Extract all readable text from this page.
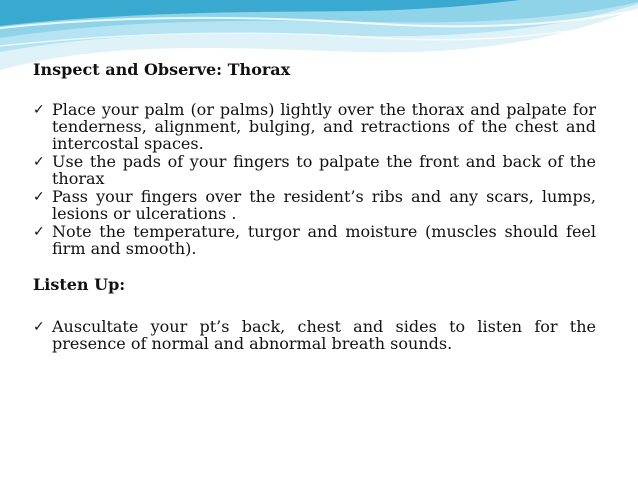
Inspect and Observe: Thorax

✓ Place your palm (or palms) lightly over the thorax and palpate for tenderness, alignment, bulging, and retractions of the chest and intercostal spaces.
✓ Use the pads of your fingers to palpate the front and back of the thorax
✓ Pass your fingers over the resident’s ribs and any scars, lumps, lesions or ulcerations .
✓ Note the temperature, turgor and moisture (muscles should feel firm and smooth).

Listen Up:

✓ Auscultate your pt’s back, chest and sides to listen for the presence of normal and abnormal breath sounds.
